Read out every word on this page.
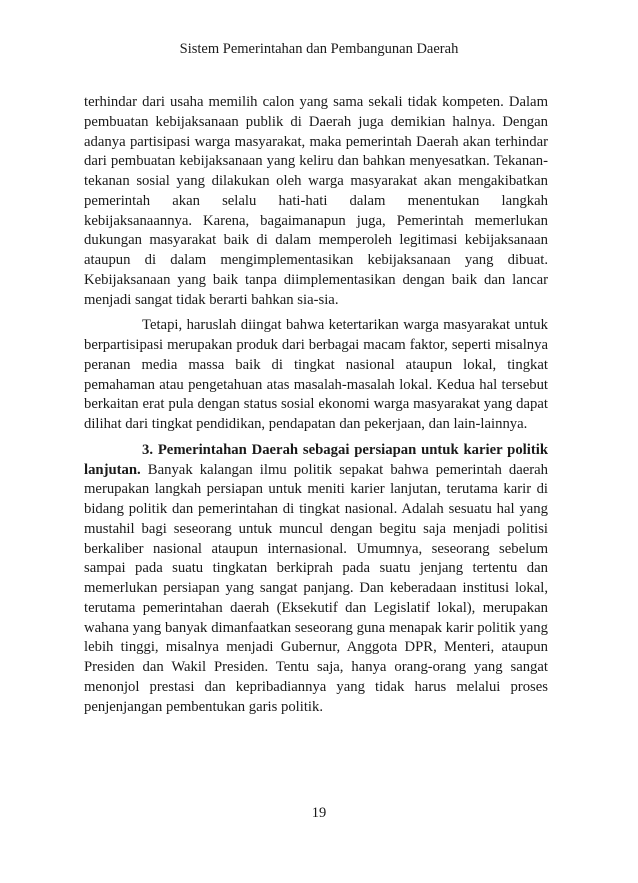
Sistem Pemerintahan dan Pembangunan Daerah

terhindar dari usaha memilih calon yang sama sekali tidak kompeten. Dalam pembuatan kebijaksanaan publik di Daerah juga demikian halnya. Dengan adanya partisipasi warga masyarakat, maka pemerintah Daerah akan terhindar dari pembuatan kebijaksanaan yang keliru dan bahkan menyesatkan. Tekanan-tekanan sosial yang dilakukan oleh warga masyarakat akan mengakibatkan pemerintah akan selalu hati-hati dalam menentukan langkah kebijaksanaannya. Karena, bagaimanapun juga, Pemerintah memerlukan dukungan masyarakat baik di dalam memperoleh legitimasi kebijaksanaan ataupun di dalam mengimplementasikan kebijaksanaan yang dibuat. Kebijaksanaan yang baik tanpa diimplementasikan dengan baik dan lancar menjadi sangat tidak berarti bahkan sia-sia.

Tetapi, haruslah diingat bahwa ketertarikan warga masyarakat untuk berpartisipasi merupakan produk dari berbagai macam faktor, seperti misalnya peranan media massa baik di tingkat nasional ataupun lokal, tingkat pemahaman atau pengetahuan atas masalah-masalah lokal. Kedua hal tersebut berkaitan erat pula dengan status sosial ekonomi warga masyarakat yang dapat dilihat dari tingkat pendidikan, pendapatan dan pekerjaan, dan lain-lainnya.

3. Pemerintahan Daerah sebagai persiapan untuk karier politik lanjutan. Banyak kalangan ilmu politik sepakat bahwa pemerintah daerah merupakan langkah persiapan untuk meniti karier lanjutan, terutama karir di bidang politik dan pemerintahan di tingkat nasional. Adalah sesuatu hal yang mustahil bagi seseorang untuk muncul dengan begitu saja menjadi politisi berkaliber nasional ataupun internasional. Umumnya, seseorang sebelum sampai pada suatu tingkatan berkiprah pada suatu jenjang tertentu dan memerlukan persiapan yang sangat panjang. Dan keberadaan institusi lokal, terutama pemerintahan daerah (Eksekutif dan Legislatif lokal), merupakan wahana yang banyak dimanfaatkan seseorang guna menapak karir politik yang lebih tinggi, misalnya menjadi Gubernur, Anggota DPR, Menteri, ataupun Presiden dan Wakil Presiden. Tentu saja, hanya orang-orang yang sangat menonjol prestasi dan kepribadiannya yang tidak harus melalui proses penjenjangan pembentukan garis politik.

19
